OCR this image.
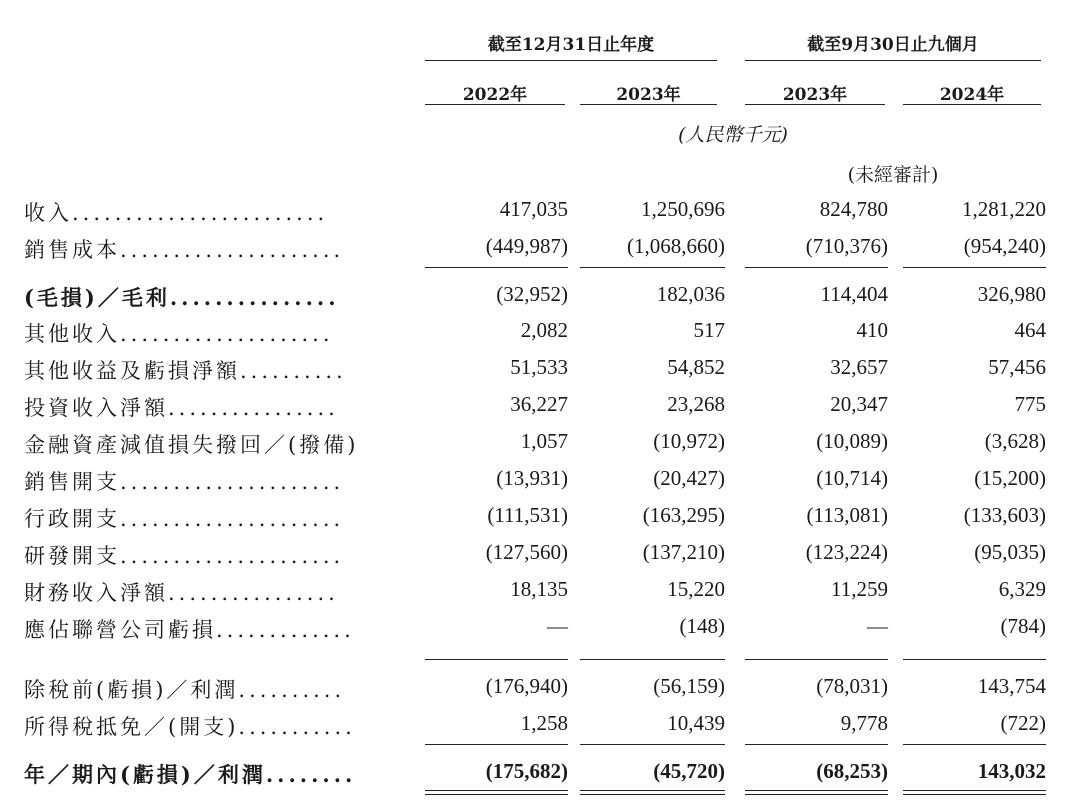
截至12月31日止年度	截至9月30日止九個月
2022年	2023年	2023年	2024年
(人民幣千元)
(未經審計)
收入........................	417,035	1,250,696	824,780	1,281,220
銷售成本.....................	(449,987)	(1,068,660)	(710,376)	(954,240)
(毛損)／毛利...............	(32,952)	182,036	114,404	326,980
其他收入....................	2,082	517	410	464
其他收益及虧損淨額..........	51,533	54,852	32,657	57,456
投資收入淨額................	36,227	23,268	20,347	775
金融資產減值損失撥回／(撥備)	1,057	(10,972)	(10,089)	(3,628)
銷售開支.....................	(13,931)	(20,427)	(10,714)	(15,200)
行政開支.....................	(111,531)	(163,295)	(113,081)	(133,603)
研發開支.....................	(127,560)	(137,210)	(123,224)	(95,035)
財務收入淨額................	18,135	15,220	11,259	6,329
應佔聯營公司虧損.............	—	(148)	—	(784)
除稅前(虧損)／利潤..........	(176,940)	(56,159)	(78,031)	143,754
所得稅抵免／(開支)...........	1,258	10,439	9,778	(722)
年／期內(虧損)／利潤........	(175,682)	(45,720)	(68,253)	143,032
